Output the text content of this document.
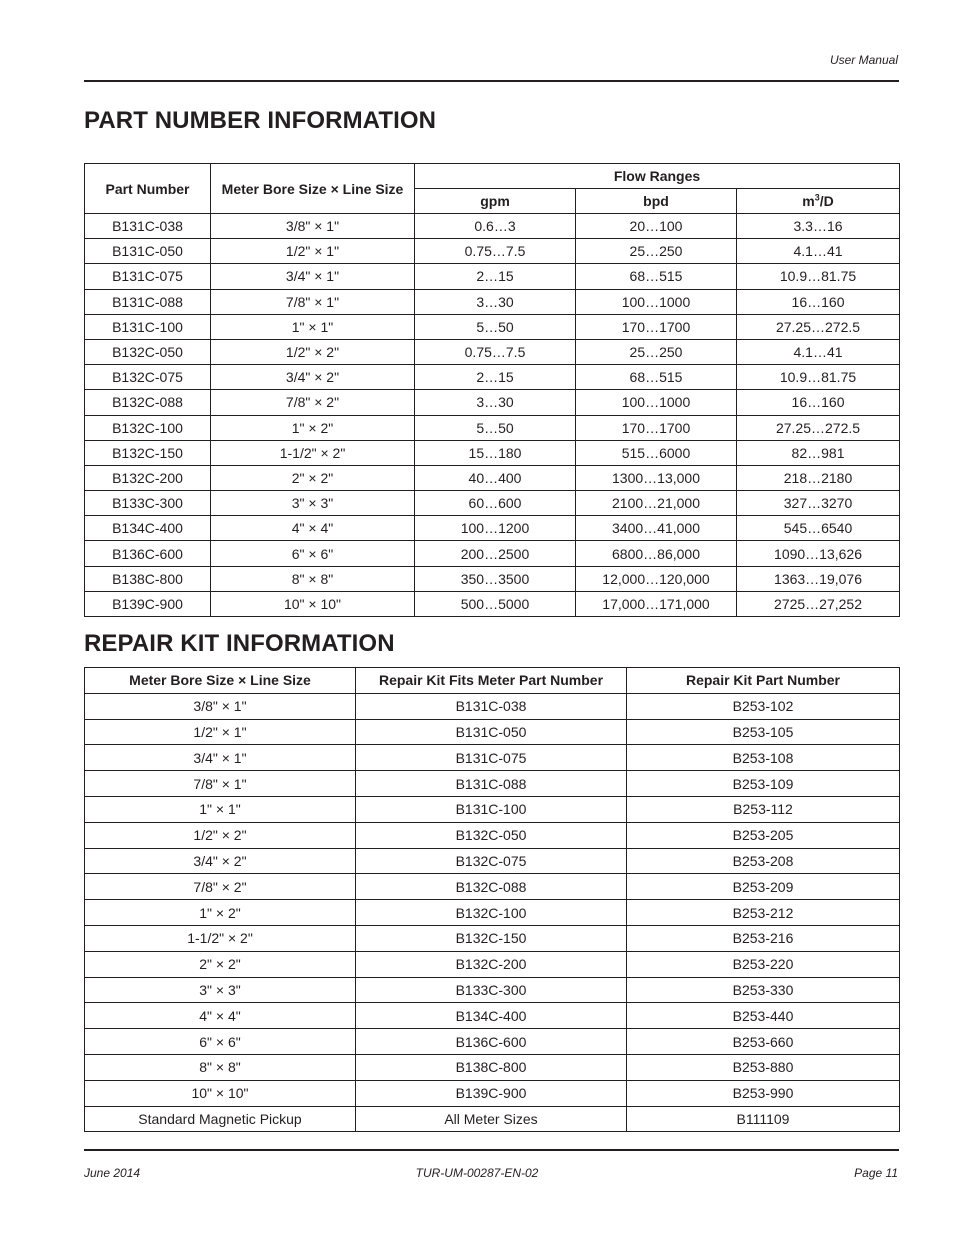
User Manual
PART NUMBER INFORMATION
Part Number	Meter Bore Size × Line Size	Flow Ranges		
		gpm	bpd	$m^3/D$
B131C-038	3/8" × 1"	0.6…3	20…100	3.3…16
B131C-050	1/2" × 1"	0.75…7.5	25…250	4.1…41
B131C-075	3/4" × 1"	2…15	68…515	10.9…81.75
B131C-088	7/8" × 1"	3…30	100…1000	16…160
B131C-100	1" × 1"	5…50	170…1700	27.25…272.5
B132C-050	1/2" × 2"	0.75…7.5	25…250	4.1…41
B132C-075	3/4" × 2"	2…15	68…515	10.9…81.75
B132C-088	7/8" × 2"	3…30	100…1000	16…160
B132C-100	1" × 2"	5…50	170…1700	27.25…272.5
B132C-150	1-1/2" × 2"	15…180	515…6000	82…981
B132C-200	2" × 2"	40…400	1300…13,000	218…2180
B133C-300	3" × 3"	60…600	2100…21,000	327…3270
B134C-400	4" × 4"	100…1200	3400…41,000	545…6540
B136C-600	6" × 6"	200…2500	6800…86,000	1090…13,626
B138C-800	8" × 8"	350…3500	12,000…120,000	1363…19,076
B139C-900	10" × 10"	500…5000	17,000…171,000	2725…27,252
REPAIR KIT INFORMATION
Meter Bore Size × Line Size	Repair Kit Fits Meter Part Number	Repair Kit Part Number
3/8" × 1"	B131C-038	B253-102
1/2" × 1"	B131C-050	B253-105
3/4" × 1"	B131C-075	B253-108
7/8" × 1"	B131C-088	B253-109
1" × 1"	B131C-100	B253-112
1/2" × 2"	B132C-050	B253-205
3/4" × 2"	B132C-075	B253-208
7/8" × 2"	B132C-088	B253-209
1" × 2"	B132C-100	B253-212
1-1/2" × 2"	B132C-150	B253-216
2" × 2"	B132C-200	B253-220
3" × 3"	B133C-300	B253-330
4" × 4"	B134C-400	B253-440
6" × 6"	B136C-600	B253-660
8" × 8"	B138C-800	B253-880
10" × 10"	B139C-900	B253-990
Standard Magnetic Pickup	All Meter Sizes	B111109
June 2014	TUR-UM-00287-EN-02	Page 11
